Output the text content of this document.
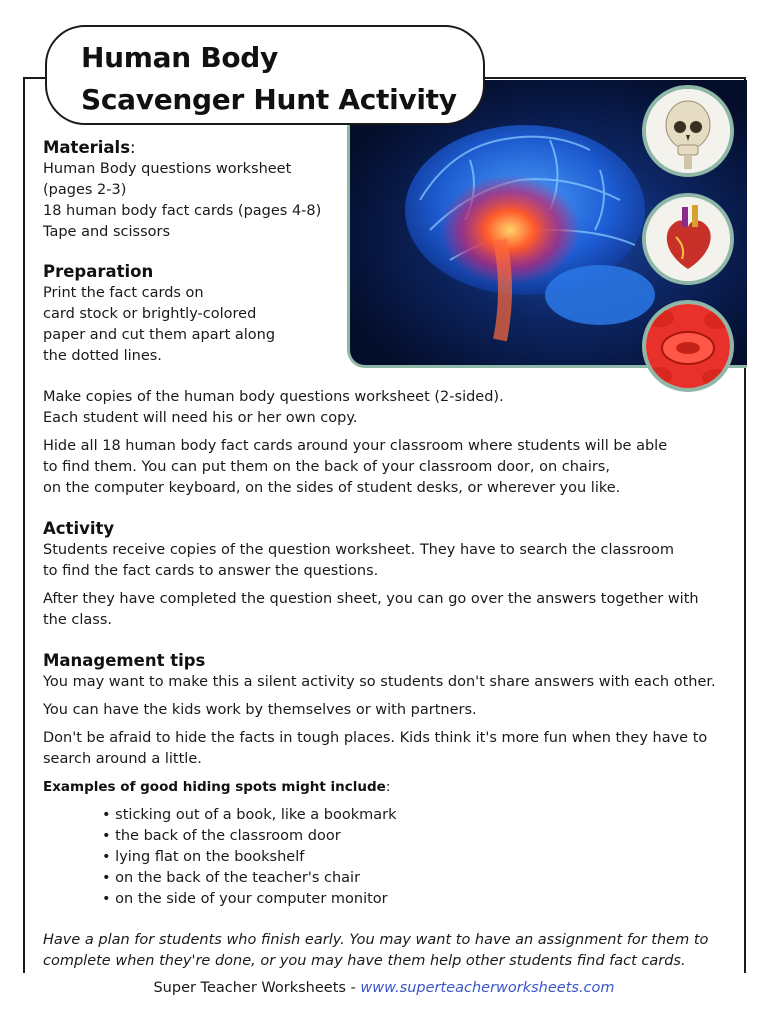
Human Body
Scavenger Hunt Activity
Materials:
Human Body questions worksheet
(pages 2-3)
18 human body fact cards (pages 4-8)
Tape and scissors
Preparation
Print the fact cards on
card stock or brightly-colored
paper and cut them apart along
the dotted lines.
Make copies of the human body questions worksheet (2-sided).
Each student will need his or her own copy.
Hide all 18 human body fact cards around your classroom where students will be able
to find them. You can put them on the back of your classroom door, on chairs,
on the computer keyboard, on the sides of student desks, or wherever you like.
Activity
Students receive copies of the question worksheet. They have to search the classroom
to find the fact cards to answer the questions.
After they have completed the question sheet, you can go over the answers together with
the class.
Management tips
You may want to make this a silent activity so students don't share answers with each other.
You can have the kids work by themselves or with partners.
Don't be afraid to hide the facts in tough places. Kids think it's more fun when they have to
search around a little.
Examples of good hiding spots might include:
• sticking out of a book, like a bookmark
• the back of the classroom door
• lying flat on the bookshelf
• on the back of the teacher's chair
• on the side of your computer monitor
Have a plan for students who finish early. You may want to have an assignment for them to
complete when they're done, or you may have them help other students find fact cards.
Super Teacher Worksheets - www.superteacherworksheets.com
